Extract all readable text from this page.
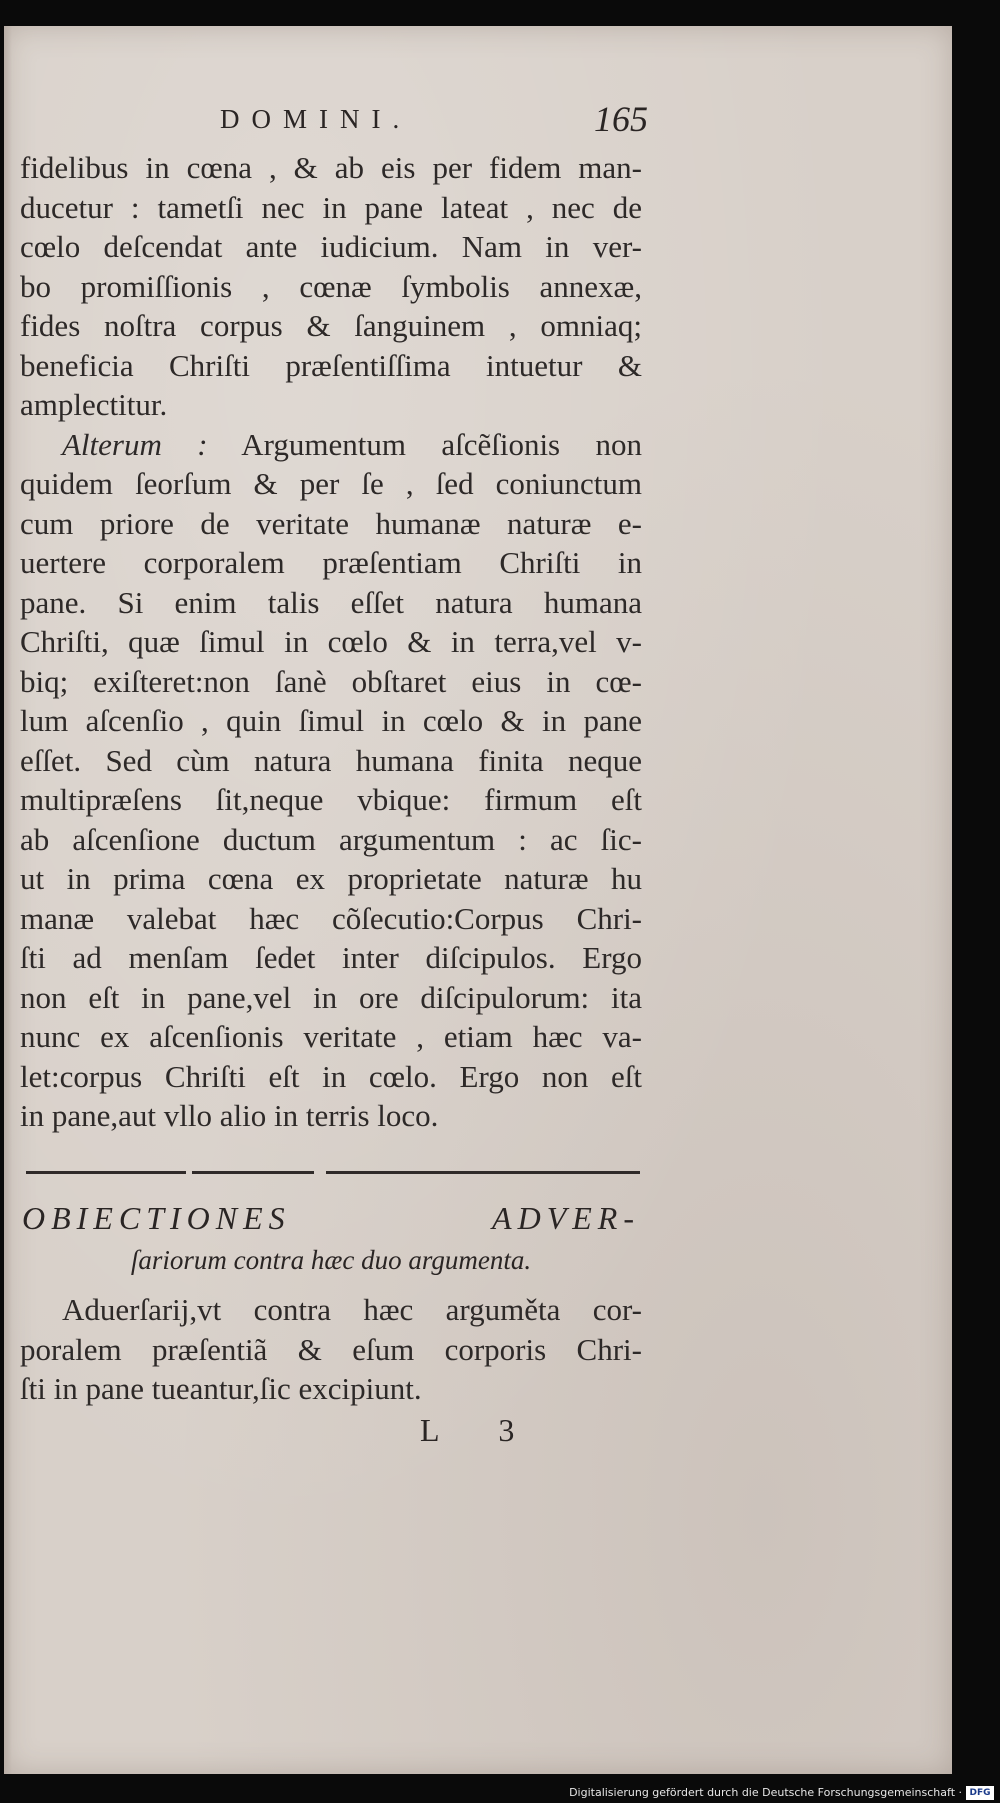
DOMINI.	165
fidelibus in cœna , & ab eis per fidem man-
ducetur : tametſi nec in pane lateat , nec de
cœlo deſcendat ante iudicium. Nam in ver-
bo promiſſionis , cœnæ ſymbolis annexæ,
fides noſtra corpus & ſanguinem , omniaq;
beneficia Chriſti præſentiſſima intuetur &
amplectitur.
Alterum : Argumentum aſcẽſionis non
quidem ſeorſum & per ſe , ſed coniunctum
cum priore de veritate humanæ naturæ e-
uertere corporalem præſentiam Chriſti in
pane. Si enim talis eſſet natura humana
Chriſti, quæ ſimul in cœlo & in terra,vel v-
biq; exiſteret:non ſanè obſtaret eius in cœ-
lum aſcenſio , quin ſimul in cœlo & in pane
eſſet. Sed cùm natura humana finita neque
multipræſens ſit,neque vbique: firmum eſt
ab aſcenſione ductum argumentum : ac ſic-
ut in prima cœna ex proprietate naturæ hu
manæ valebat hæc cõſecutio:Corpus Chri-
ſti ad menſam ſedet inter diſcipulos. Ergo
non eſt in pane,vel in ore diſcipulorum: ita
nunc ex aſcenſionis veritate , etiam hæc va-
let:corpus Chriſti eſt in cœlo. Ergo non eſt
in pane,aut vllo alio in terris loco.
OBIECTIONES ADVER-
ſariorum contra hæc duo argumenta.
Aduerſarij,vt contra hæc arguměta cor-
poralem præſentiã & eſum corporis Chri-
ſti in pane tueantur,ſic excipiunt.
L 3
Digitalisierung gefördert durch die Deutsche Forschungsgemeinschaft · DFG
